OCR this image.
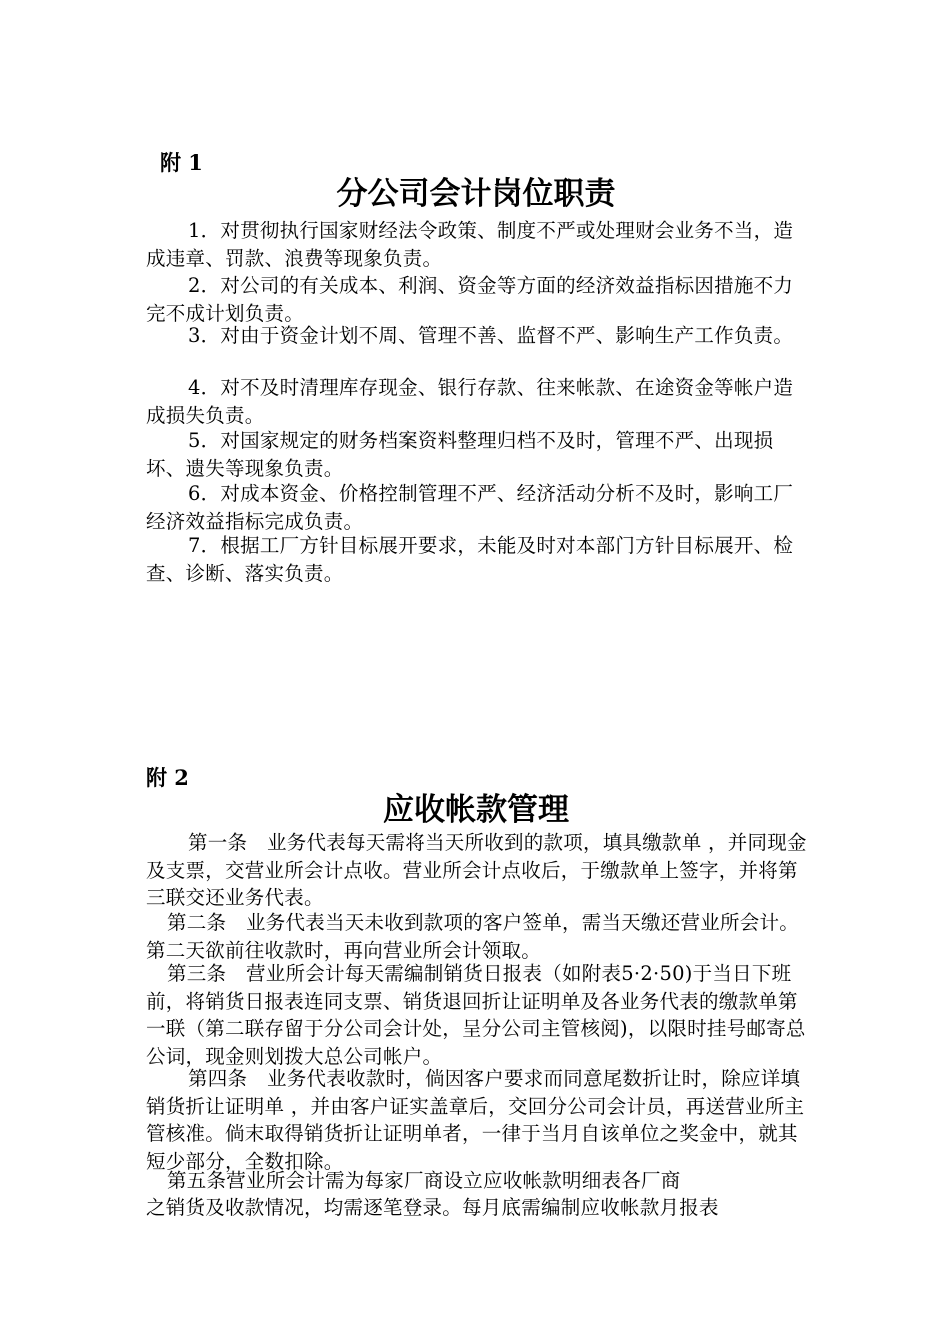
附 1
分公司会计岗位职责

1．对贯彻执行国家财经法令政策、制度不严或处理财会业务不当，造成违章、罚款、浪费等现象负责。

2．对公司的有关成本、利润、资金等方面的经济效益指标因措施不力完不成计划负责。

3．对由于资金计划不周、管理不善、监督不严、影响生产工作负责。

4．对不及时清理库存现金、银行存款、往来帐款、在途资金等帐户造成损失负责。

5．对国家规定的财务档案资料整理归档不及时，管理不严、出现损坏、遗失等现象负责。

6．对成本资金、价格控制管理不严、经济活动分析不及时，影响工厂经济效益指标完成负责。

7．根据工厂方针目标展开要求，未能及时对本部门方针目标展开、检查、诊断、落实负责。

附 2
应收帐款管理

第一条　业务代表每天需将当天所收到的款项，填具缴款单 ，并同现金及支票，交营业所会计点收。营业所会计点收后，于缴款单上签字，并将第三联交还业务代表。

第二条　业务代表当天未收到款项的客户签单，需当天缴还营业所会计。第二天欲前往收款时，再向营业所会计领取。

第三条　营业所会计每天需编制销货日报表（如附表5·2·50)于当日下班前，将销货日报表连同支票、销货退回折让证明单及各业务代表的缴款单第一联（第二联存留于分公司会计处，呈分公司主管核阅)，以限时挂号邮寄总公词，现金则划拨大总公司帐户。

第四条　业务代表收款时，倘因客户要求而同意尾数折让时，除应详填销货折让证明单 ，并由客户证实盖章后，交回分公司会计员，再送营业所主管核准。倘末取得销货折让证明单者，一律于当月自该单位之奖金中，就其短少部分，全数扣除。

第五条营业所会计需为每家厂商设立应收帐款明细表各厂商
之销货及收款情况，均需逐笔登录。每月底需编制应收帐款月报表
